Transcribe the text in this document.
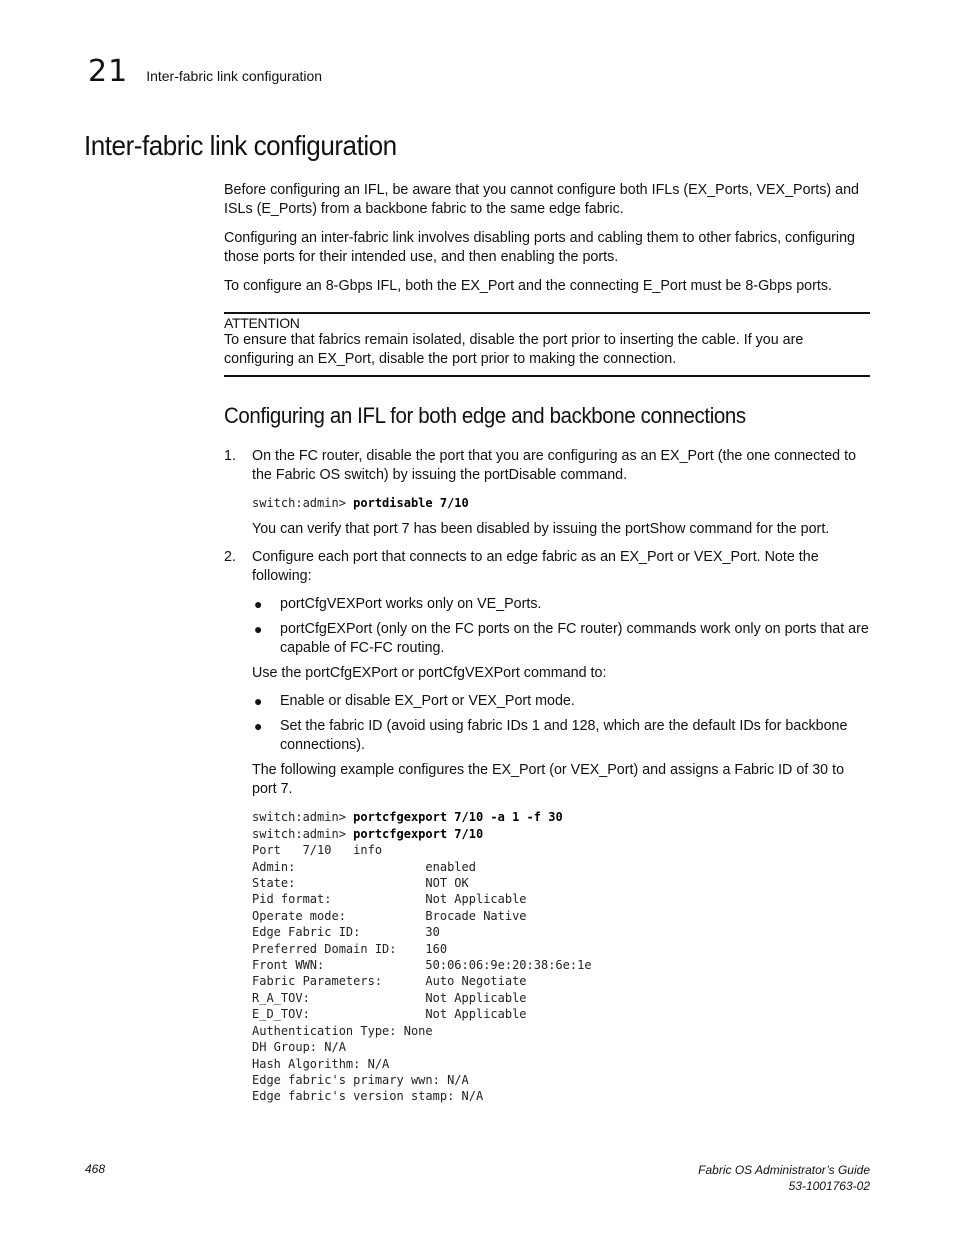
21 Inter-fabric link configuration
Inter-fabric link configuration

Before configuring an IFL, be aware that you cannot configure both IFLs (EX_Ports, VEX_Ports) and ISLs (E_Ports) from a backbone fabric to the same edge fabric.

Configuring an inter-fabric link involves disabling ports and cabling them to other fabrics, configuring those ports for their intended use, and then enabling the ports.

To configure an 8-Gbps IFL, both the EX_Port and the connecting E_Port must be 8-Gbps ports.

ATTENTION

To ensure that fabrics remain isolated, disable the port prior to inserting the cable. If you are configuring an EX_Port, disable the port prior to making the connection.

Configuring an IFL for both edge and backbone connections
1. On the FC router, disable the port that you are configuring as an EX_Port (the one connected to the Fabric OS switch) by issuing the portDisable command.

switch:admin> portdisable 7/10

You can verify that port 7 has been disabled by issuing the portShow command for the port.

2. Configure each port that connects to an edge fabric as an EX_Port or VEX_Port. Note the following:

● portCfgVEXPort works only on VE_Ports.

● portCfgEXPort (only on the FC ports on the FC router) commands work only on ports that are capable of FC-FC routing.

Use the portCfgEXPort or portCfgVEXPort command to:

● Enable or disable EX_Port or VEX_Port mode.

● Set the fabric ID (avoid using fabric IDs 1 and 128, which are the default IDs for backbone connections).

The following example configures the EX_Port (or VEX_Port) and assigns a Fabric ID of 30 to port 7.

switch:admin> portcfgexport 7/10 -a 1 -f 30
switch:admin> portcfgexport 7/10
Port   7/10   info
Admin:                  enabled
State:                  NOT OK
Pid format:             Not Applicable
Operate mode:           Brocade Native
Edge Fabric ID:         30
Preferred Domain ID:    160
Front WWN:              50:06:06:9e:20:38:6e:1e
Fabric Parameters:      Auto Negotiate
R_A_TOV:                Not Applicable
E_D_TOV:                Not Applicable
Authentication Type: None
DH Group: N/A
Hash Algorithm: N/A
Edge fabric's primary wwn: N/A
Edge fabric's version stamp: N/A
468	Fabric OS Administrator’s Guide
53-1001763-02
